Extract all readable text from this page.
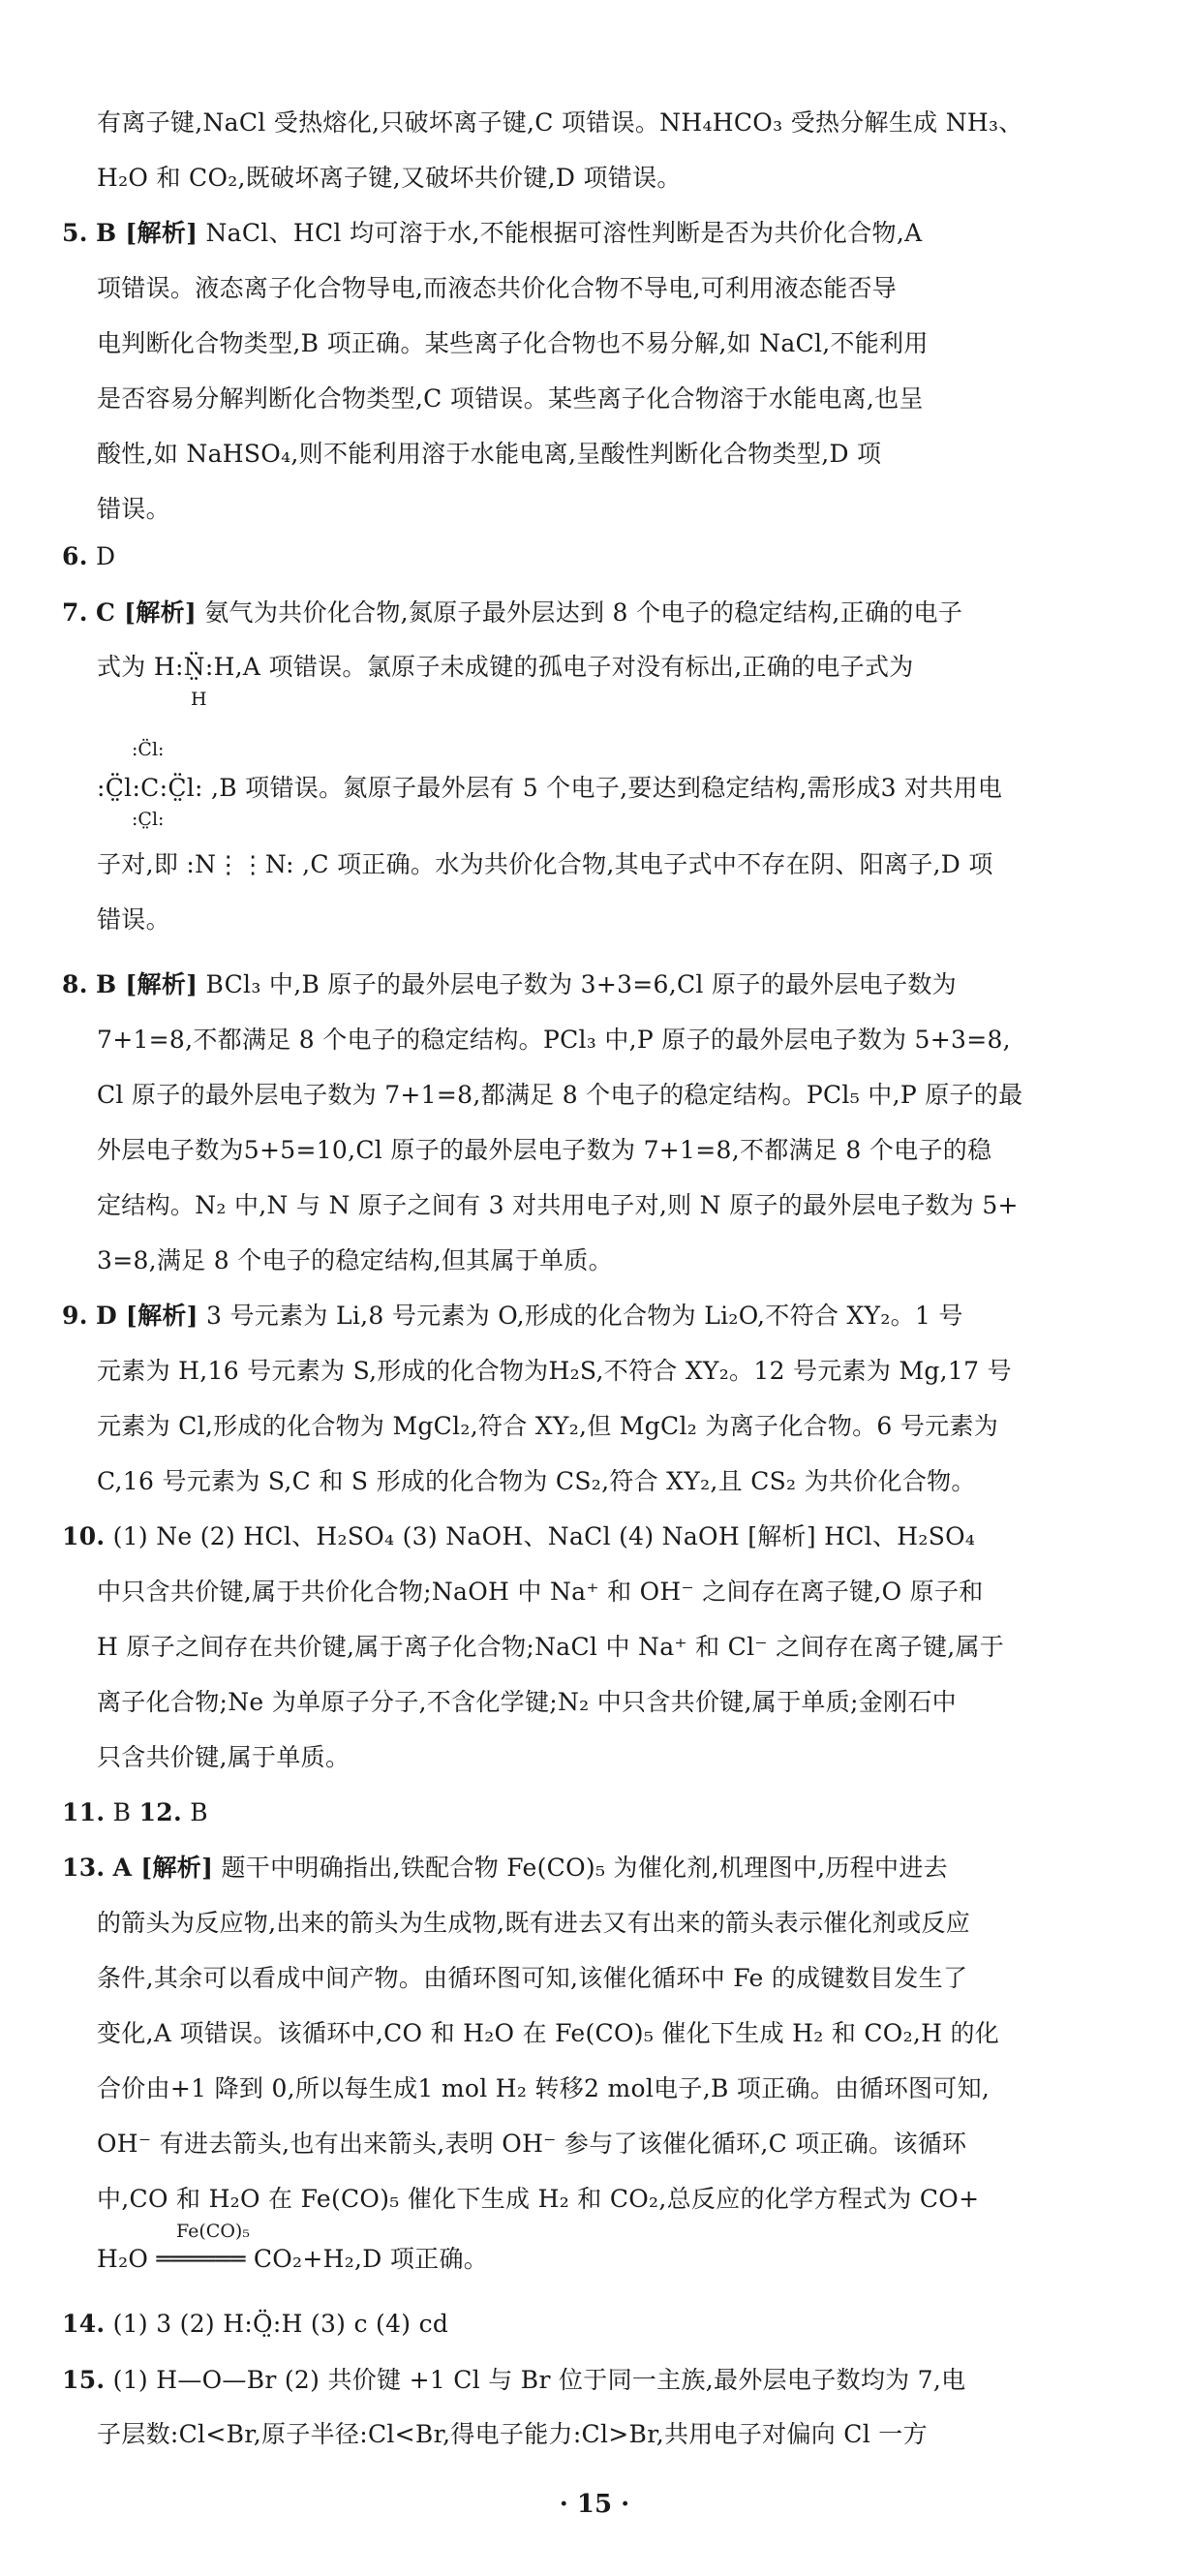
有离子键,NaCl 受热熔化,只破坏离子键,C 项错误。NH₄HCO₃ 受热分解生成 NH₃、
H₂O 和 CO₂,既破坏离子键,又破坏共价键,D 项错误。
5. B [解析] NaCl、HCl 均可溶于水,不能根据可溶性判断是否为共价化合物,A
项错误。液态离子化合物导电,而液态共价化合物不导电,可利用液态能否导
电判断化合物类型,B 项正确。某些离子化合物也不易分解,如 NaCl,不能利用
是否容易分解判断化合物类型,C 项错误。某些离子化合物溶于水能电离,也呈
酸性,如 NaHSO₄,则不能利用溶于水能电离,呈酸性判断化合物类型,D 项
错误。
6. D
7. C [解析] 氨气为共价化合物,氮原子最外层达到 8 个电子的稳定结构,正确的电子
式为 H:N̤̈:H,A 项错误。氯原子未成键的孤电子对没有标出,正确的电子式为
H
:C̈l:
:C̤̈l:C:C̤̈l: ,B 项错误。氮原子最外层有 5 个电子,要达到稳定结构,需形成3 对共用电
:C̤l:
子对,即 :N⋮⋮N: ,C 项正确。水为共价化合物,其电子式中不存在阴、阳离子,D 项
错误。
8. B [解析] BCl₃ 中,B 原子的最外层电子数为 3+3=6,Cl 原子的最外层电子数为
7+1=8,不都满足 8 个电子的稳定结构。PCl₃ 中,P 原子的最外层电子数为 5+3=8,
Cl 原子的最外层电子数为 7+1=8,都满足 8 个电子的稳定结构。PCl₅ 中,P 原子的最
外层电子数为5+5=10,Cl 原子的最外层电子数为 7+1=8,不都满足 8 个电子的稳
定结构。N₂ 中,N 与 N 原子之间有 3 对共用电子对,则 N 原子的最外层电子数为 5+
3=8,满足 8 个电子的稳定结构,但其属于单质。
9. D [解析] 3 号元素为 Li,8 号元素为 O,形成的化合物为 Li₂O,不符合 XY₂。1 号
元素为 H,16 号元素为 S,形成的化合物为H₂S,不符合 XY₂。12 号元素为 Mg,17 号
元素为 Cl,形成的化合物为 MgCl₂,符合 XY₂,但 MgCl₂ 为离子化合物。6 号元素为
C,16 号元素为 S,C 和 S 形成的化合物为 CS₂,符合 XY₂,且 CS₂ 为共价化合物。
10. (1) Ne (2) HCl、H₂SO₄ (3) NaOH、NaCl (4) NaOH [解析] HCl、H₂SO₄
中只含共价键,属于共价化合物;NaOH 中 Na⁺ 和 OH⁻ 之间存在离子键,O 原子和
H 原子之间存在共价键,属于离子化合物;NaCl 中 Na⁺ 和 Cl⁻ 之间存在离子键,属于
离子化合物;Ne 为单原子分子,不含化学键;N₂ 中只含共价键,属于单质;金刚石中
只含共价键,属于单质。
11. B 12. B
13. A [解析] 题干中明确指出,铁配合物 Fe(CO)₅ 为催化剂,机理图中,历程中进去
的箭头为反应物,出来的箭头为生成物,既有进去又有出来的箭头表示催化剂或反应
条件,其余可以看成中间产物。由循环图可知,该催化循环中 Fe 的成键数目发生了
变化,A 项错误。该循环中,CO 和 H₂O 在 Fe(CO)₅ 催化下生成 H₂ 和 CO₂,H 的化
合价由+1 降到 0,所以每生成1 mol H₂ 转移2 mol电子,B 项正确。由循环图可知,
OH⁻ 有进去箭头,也有出来箭头,表明 OH⁻ 参与了该催化循环,C 项正确。该循环
中,CO 和 H₂O 在 Fe(CO)₅ 催化下生成 H₂ 和 CO₂,总反应的化学方程式为 CO+
Fe(CO)₅
H₂O ══════ CO₂+H₂,D 项正确。
14. (1) 3 (2) H:Ö̤:H (3) c (4) cd
15. (1) H—O—Br (2) 共价键 +1 Cl 与 Br 位于同一主族,最外层电子数均为 7,电
子层数:Cl<Br,原子半径:Cl<Br,得电子能力:Cl>Br,共用电子对偏向 Cl 一方
· 15 ·
